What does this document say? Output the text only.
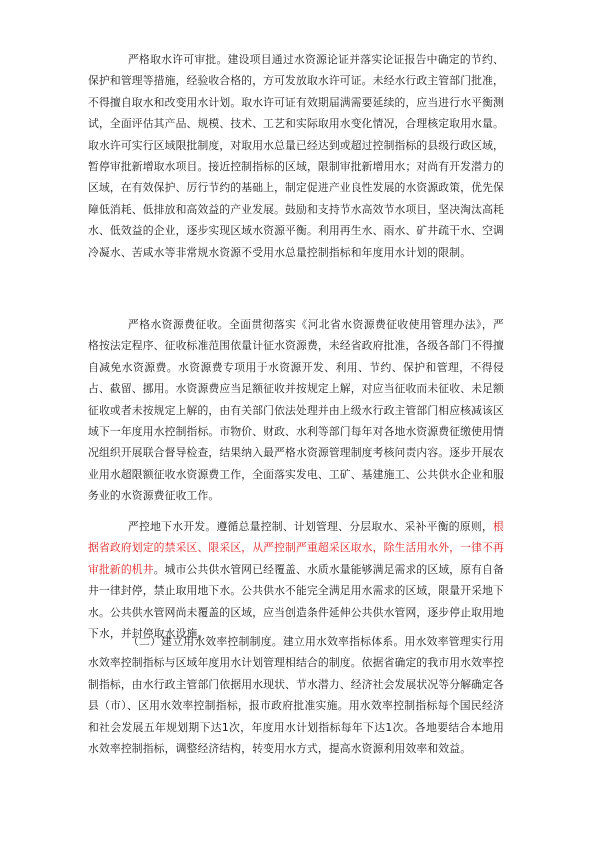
严格取水许可审批。建设项目通过水资源论证并落实论证报告中确定的节约、保护和管理等措施，经验收合格的，方可发放取水许可证。未经水行政主管部门批准，不得擅自取水和改变用水计划。取水许可证有效期届满需要延续的，应当进行水平衡测试，全面评估其产品、规模、技术、工艺和实际取用水变化情况，合理核定取用水量。取水许可实行区域限批制度，对取用水总量已经达到或超过控制指标的县级行政区域，暂停审批新增取水项目。接近控制指标的区域，限制审批新增用水；对尚有开发潜力的区域，在有效保护、厉行节约的基础上，制定促进产业良性发展的水资源政策，优先保障低消耗、低排放和高效益的产业发展。鼓励和支持节水高效节水项目，坚决淘汰高耗水、低效益的企业，逐步实现区域水资源平衡。利用再生水、雨水、矿井疏干水、空调冷凝水、苦咸水等非常规水资源不受用水总量控制指标和年度用水计划的限制。

严格水资源费征收。全面贯彻落实《河北省水资源费征收使用管理办法》，严格按法定程序、征收标准范围依量计征水资源费，未经省政府批准，各级各部门不得擅自减免水资源费。水资源费专项用于水资源开发、利用、节约、保护和管理，不得侵占、截留、挪用。水资源费应当足额征收并按规定上解，对应当征收而未征收、未足额征收或者未按规定上解的，由有关部门依法处理并由上级水行政主管部门相应核减该区域下一年度用水控制指标。市物价、财政、水利等部门每年对各地水资源费征缴使用情况组织开展联合督导检查，结果纳入最严格水资源管理制度考核问责内容。逐步开展农业用水超限额征收水资源费工作，全面落实发电、工矿、基建施工、公共供水企业和服务业的水资源费征收工作。

严控地下水开发。遵循总量控制、计划管理、分层取水、采补平衡的原则，根据省政府划定的禁采区、限采区，从严控制严重超采区取水，除生活用水外，一律不再审批新的机井。城市公共供水管网已经覆盖、水质水量能够满足需求的区域，原有自备井一律封停，禁止取用地下水。公共供水不能完全满足用水需求的区域，限量开采地下水。公共供水管网尚未覆盖的区域，应当创造条件延伸公共供水管网，逐步停止取用地下水，并封停取水设施。

（二）建立用水效率控制制度。建立用水效率指标体系。用水效率管理实行用水效率控制指标与区域年度用水计划管理相结合的制度。依据省确定的我市用水效率控制指标，由水行政主管部门依据用水现状、节水潜力、经济社会发展状况等分解确定各县（市）、区用水效率控制指标，报市政府批准实施。用水效率控制指标每个国民经济和社会发展五年规划期下达1次，年度用水计划指标每年下达1次。各地要结合本地用水效率控制指标，调整经济结构，转变用水方式，提高水资源利用效率和效益。
